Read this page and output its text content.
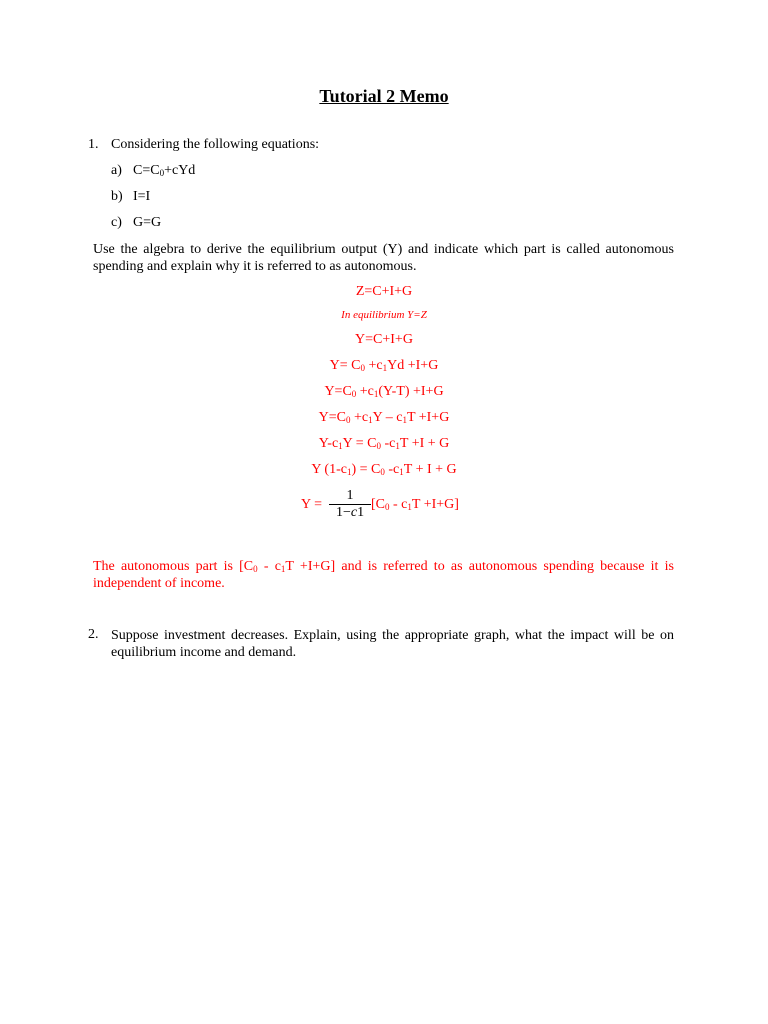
Tutorial 2 Memo
1. Considering the following equations:
a) $C=C_0+cYd$
b) I=I
c) G=G
Use the algebra to derive the equilibrium output (Y) and indicate which part is called autonomous spending and explain why it is referred to as autonomous.
Z=C+I+G
In equilibrium Y=Z
Y=C+I+G
$Y= C_0 +c_1Yd +I+G$
$Y=C_0 +c_1(Y-T) +I+G$
$Y=C_0 +c_1Y - c_1T +I+G$
$Y-c_1Y = C_0$ $-c_1T +I + G$
Y $(1-c_1) = C_0$ $-c_1T + I + G$
Y =
1
1−c1
$[C_0 - c_1T +I+G]$
The autonomous part is $[C_0 - c_1T +I+G]$ and is referred to as autonomous spending because it is independent of income.
2. Suppose investment decreases. Explain, using the appropriate graph, what the impact will be on equilibrium income and demand.
